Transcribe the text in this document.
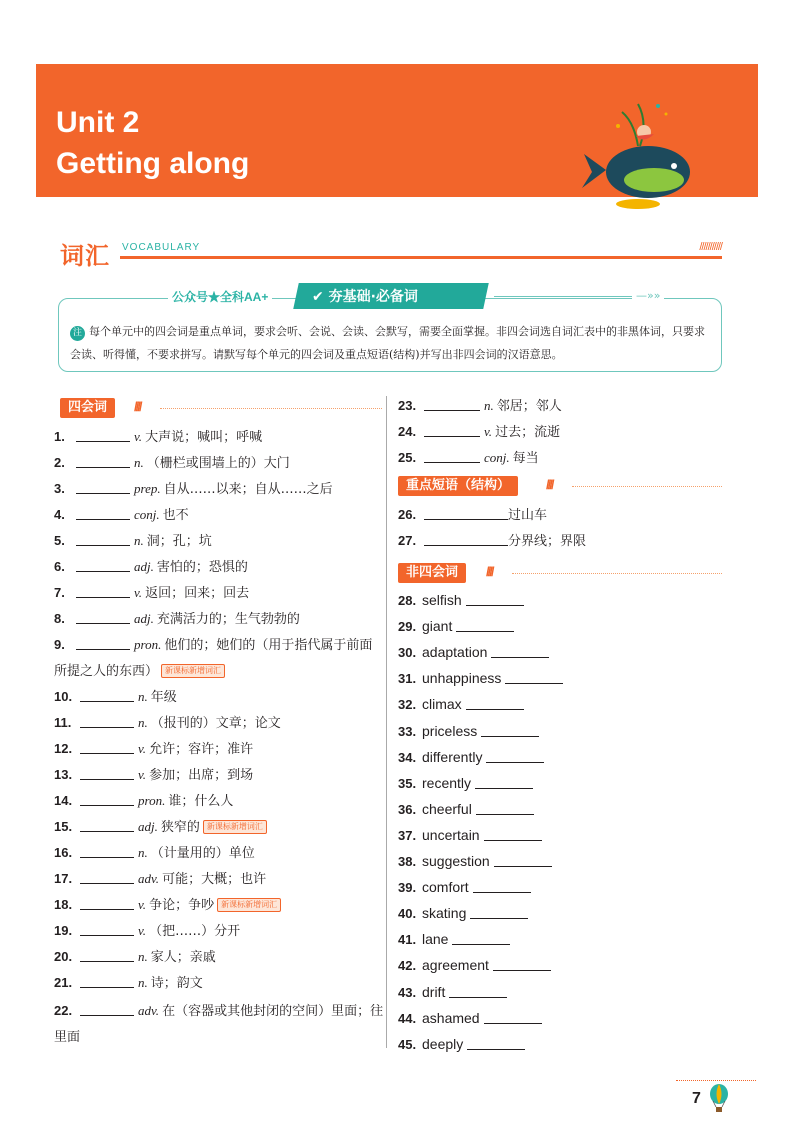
Unit 2
Getting along
词汇 VOCABULARY	///////////
公众号★全科AA+	✔ 夯基础·必备词	—»»
注 每个单元中的四会词是重点单词，要求会听、会说、会读、会默写，需要全面掌握。非四会词选自词汇表中的非黑体词，只要求会读、听得懂，不要求拼写。请默写每个单元的四会词及重点短语(结构)并写出非四会词的汉语意思。
四会词	////
重点短语（结构）	////
非四会词	////
1.	v. 大声说；喊叫；呼喊
2.	n. （栅栏或围墙上的）大门
3.	prep. 自从……以来；自从……之后
4.	conj. 也不
5.	n. 洞；孔；坑
6.	adj. 害怕的；恐惧的
7.	v. 返回；回来；回去
8.	adj. 充满活力的；生气勃勃的
9.	pron. 他们的；她们的（用于指代属于前面所提之人的东西） 新课标新增词汇
10.	n. 年级
11.	n. （报刊的）文章；论文
12.	v. 允许；容许；准许
13.	v. 参加；出席；到场
14.	pron. 谁；什么人
15.	adj. 狭窄的 新课标新增词汇
16.	n. （计量用的）单位
17.	adv. 可能；大概；也许
18.	v. 争论；争吵 新课标新增词汇
19.	v. （把……）分开
20.	n. 家人；亲戚
21.	n. 诗；韵文
22.	adv. 在（容器或其他封闭的空间）里面；往里面
23.	n. 邻居；邻人
24.	v. 过去；流逝
25.	conj. 每当
26.	过山车
27.	分界线；界限
28. selfish
29. giant
30. adaptation
31. unhappiness
32. climax
33. priceless
34. differently
35. recently
36. cheerful
37. uncertain
38. suggestion
39. comfort
40. skating
41. lane
42. agreement
43. drift
44. ashamed
45. deeply
7
